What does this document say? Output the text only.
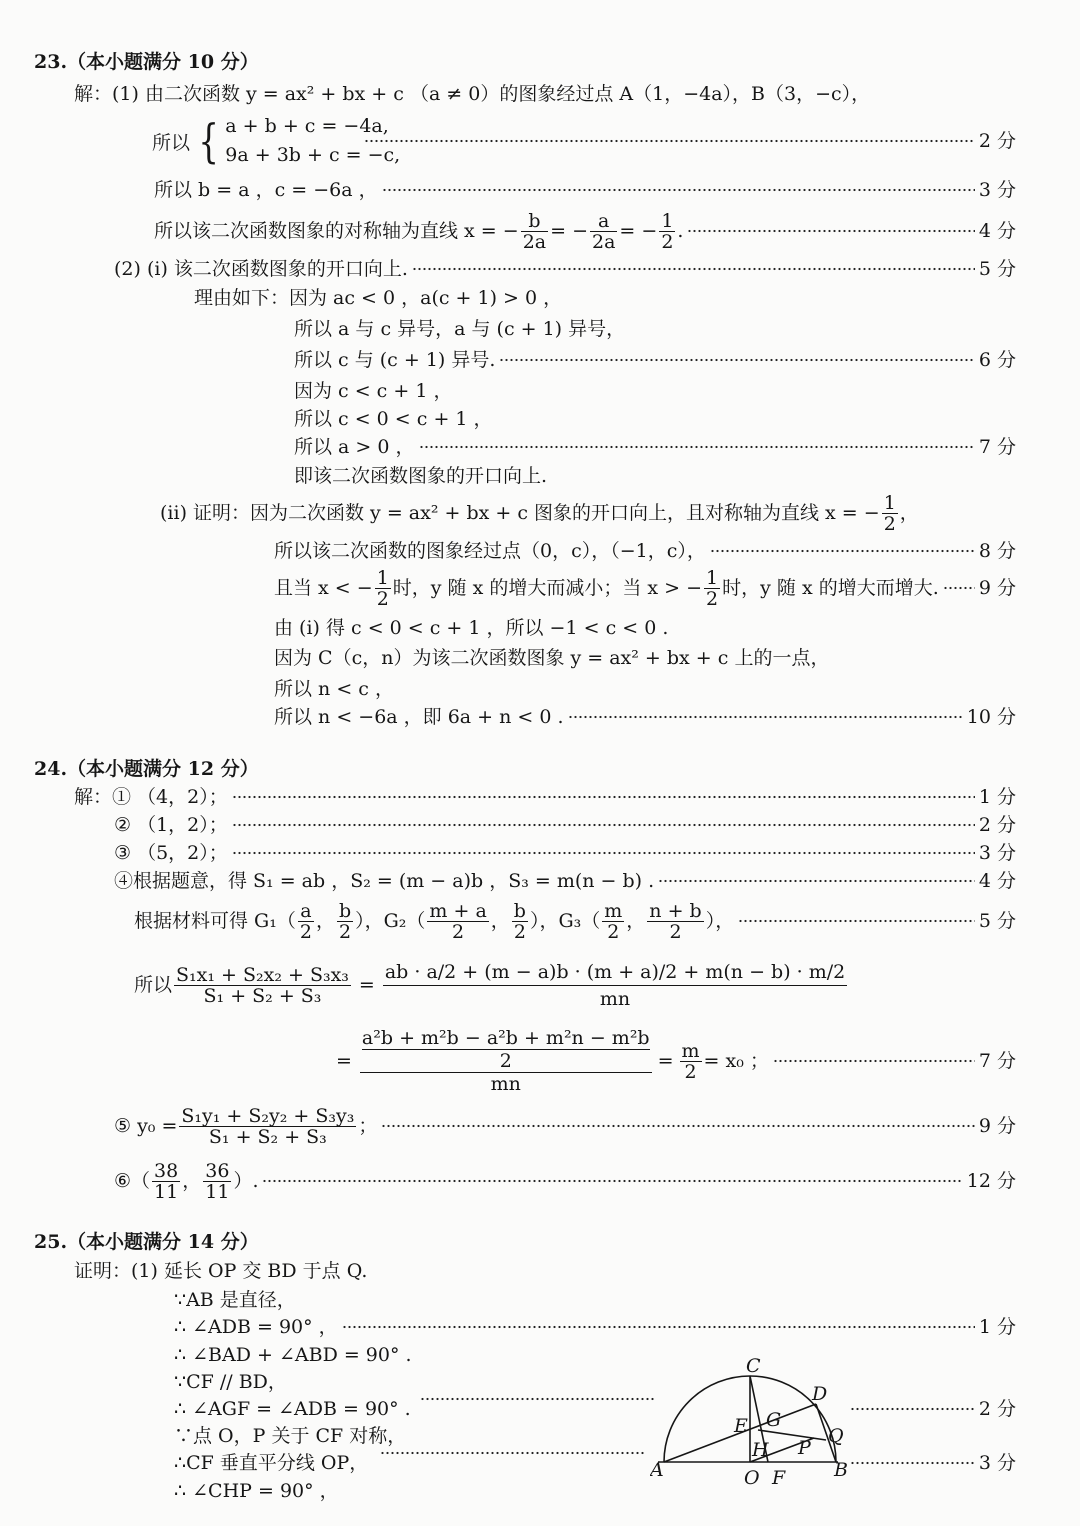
23.（本小题满分 10 分）
解：(1) 由二次函数 y = ax² + bx + c （a ≠ 0）的图象经过点 A（1，−4a），B（3，−c），
所以 { a + b + c = −4a,
9a + 3b + c = −c,
2 分
所以 b = a ，c = −6a ，	3 分
所以该二次函数图象的对称轴为直线 x = − $\frac{b}{2a}$ = − $\frac{a}{2a}$ = − $\frac{1}{2}$ .	4 分
(2) (i) 该二次函数图象的开口向上.	5 分
理由如下：因为 ac < 0 ，a(c + 1) > 0 ，
所以 a 与 c 异号，a 与 (c + 1) 异号，
所以 c 与 (c + 1) 异号.	6 分
因为 c < c + 1 ，
所以 c < 0 < c + 1 ，
所以 a > 0 ，	7 分
即该二次函数图象的开口向上.
(ii) 证明：因为二次函数 y = ax² + bx + c 图象的开口向上，且对称轴为直线 x = − $\frac{1}{2}$ ，
所以该二次函数的图象经过点（0，c），（−1，c），	8 分
且当 x < − $\frac{1}{2}$ 时，y 随 x 的增大而减小；当 x > − $\frac{1}{2}$ 时，y 随 x 的增大而增大. 9 分
由 (i) 得 c < 0 < c + 1 ，所以 −1 < c < 0 .
因为 C（c，n）为该二次函数图象 y = ax² + bx + c 上的一点，
所以 n < c ，
所以 n < −6a ，即 6a + n < 0 .	10 分
24.（本小题满分 12 分）
解：① （4，2）；	1 分
② （1，2）；	2 分
③ （5，2）；	3 分
④根据题意，得 S₁ = ab ，S₂ = (m − a)b ，S₃ = m(n − b) .	4 分
根据材料可得 $G_1( \frac{a}{2}$ ， $\frac{b}{2}$ ），$G_2( \frac{m + a}{2}$ ， $\frac{b}{2}$ ），$G_3( \frac{m}{2}$ ， $\frac{n + b}{2}$ ），	5 分
所以 $\frac{\text{S₁x₁ + S₂x₂ + S₃x₃}}{\text{S₁ + S₂ + S₃}} = \frac{ab \cdot a/2 + (m - a)b \cdot (m + a)/2 + m(n - b) \cdot m/2}{mn}$
= a²b + m²b − a²b + m²n − m²b
2
mn = $\frac{m}{2} = x_0$ ；	7 分
⑤ $y_0 = \frac{\text{S₁y₁ + S₂y₂ + S₃y₃}}{\text{S₁ + S₂ + S₃}}$ ；	9 分
⑥（ $\frac{38}{11}$ ， $\frac{36}{11}$ ）.	12 分
25.（本小题满分 14 分）
证明：(1) 延长 OP 交 BD 于点 Q.
∵AB 是直径，
∴ ∠ADB = 90° ，	1 分
∴ ∠BAD + ∠ABD = 90° .
∵CF // BD，
∴ ∠AGF = ∠ADB = 90° .	2 分
∵点 O，P 关于 CF 对称，
∴CF 垂直平分线 OP，	3 分
∴ ∠CHP = 90° ，
C
D
E G
H P
Q
A	B
O F
